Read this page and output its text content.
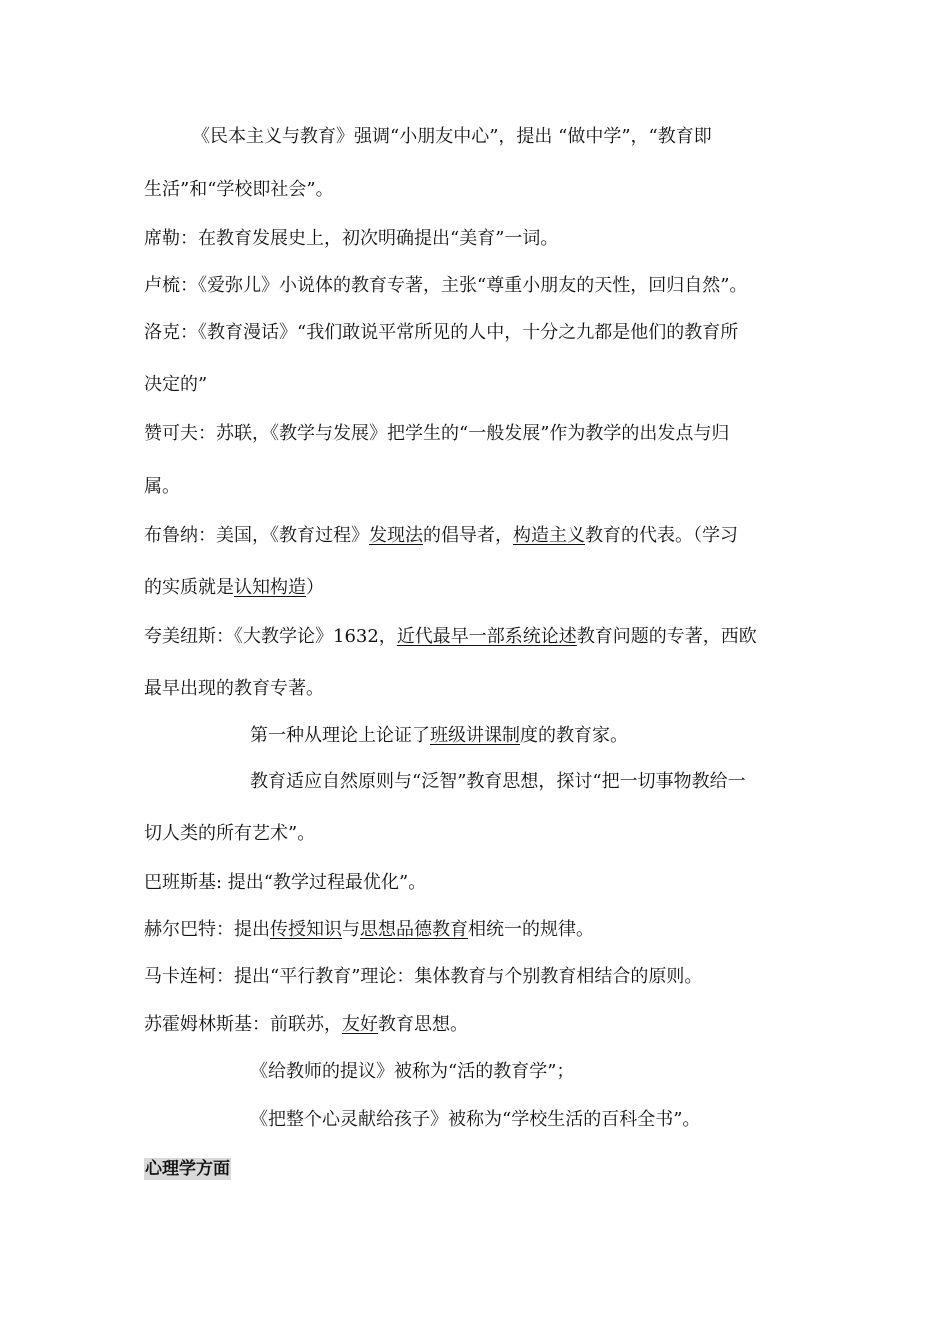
《民本主义与教育》强调“小朋友中心”，提出 “做中学”，“教育即
生活”和“学校即社会”。
席勒：在教育发展史上，初次明确提出“美育”一词。
卢梳：《爱弥儿》小说体的教育专著，主张“尊重小朋友的天性，回归自然”。
洛克：《教育漫话》“我们敢说平常所见的人中，十分之九都是他们的教育所
决定的”
赞可夫：苏联，《教学与发展》把学生的“一般发展”作为教学的出发点与归
属。
布鲁纳：美国，《教育过程》发现法的倡导者，构造主义教育的代表。（学习
的实质就是认知构造）
夸美纽斯：《大教学论》1632，近代最早一部系统论述教育问题的专著，西欧
最早出现的教育专著。
第一种从理论上论证了班级讲课制度的教育家。
教育适应自然原则与“泛智”教育思想，探讨“把一切事物教给一
切人类的所有艺术”。
巴班斯基: 提出“教学过程最优化”。
赫尔巴特：提出传授知识与思想品德教育相统一的规律。
马卡连柯：提出“平行教育”理论：集体教育与个别教育相结合的原则。
苏霍姆林斯基：前联苏，友好教育思想。
《给教师的提议》被称为“活的教育学”；
《把整个心灵献给孩子》被称为“学校生活的百科全书”。
心理学方面
